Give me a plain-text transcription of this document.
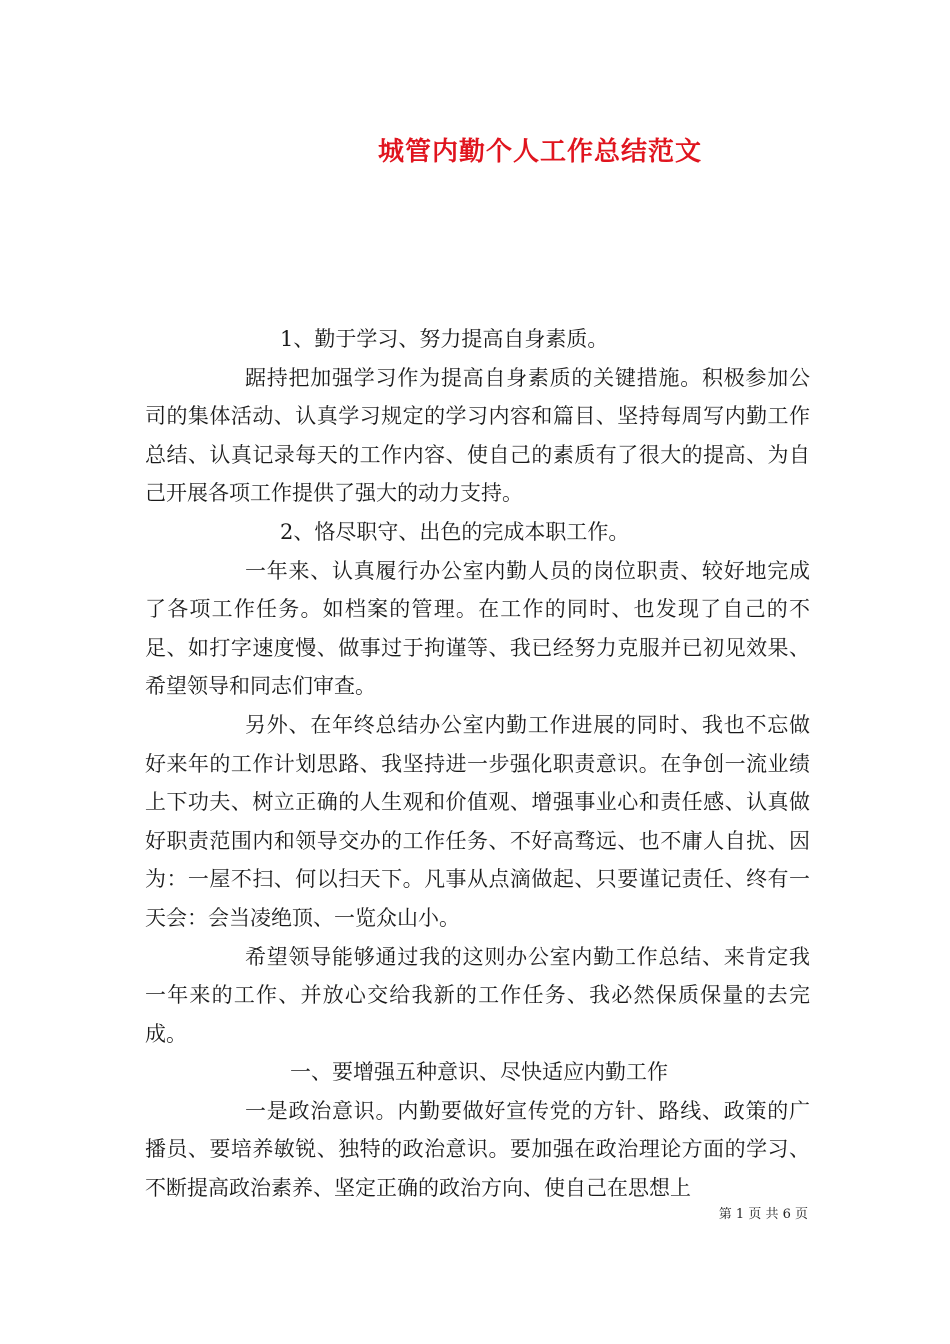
城管内勤个人工作总结范文

1、勤于学习、努力提高自身素质。

踞持把加强学习作为提高自身素质的关键措施。积极参加公司的集体活动、认真学习规定的学习内容和篇目、坚持每周写内勤工作总结、认真记录每天的工作内容、使自己的素质有了很大的提高、为自己开展各项工作提供了强大的动力支持。

2、恪尽职守、出色的完成本职工作。

一年来、认真履行办公室内勤人员的岗位职责、较好地完成了各项工作任务。如档案的管理。在工作的同时、也发现了自己的不足、如打字速度慢、做事过于拘谨等、我已经努力克服并已初见效果、希望领导和同志们审查。

另外、在年终总结办公室内勤工作进展的同时、我也不忘做好来年的工作计划思路、我坚持进一步强化职责意识。在争创一流业绩上下功夫、树立正确的人生观和价值观、增强事业心和责任感、认真做好职责范围内和领导交办的工作任务、不好高骛远、也不庸人自扰、因为：一屋不扫、何以扫天下。凡事从点滴做起、只要谨记责任、终有一天会：会当凌绝顶、一览众山小。

希望领导能够通过我的这则办公室内勤工作总结、来肯定我一年来的工作、并放心交给我新的工作任务、我必然保质保量的去完成。

一、要增强五种意识、尽快适应内勤工作

一是政治意识。内勤要做好宣传党的方针、路线、政策的广播员、要培养敏锐、独特的政治意识。要加强在政治理论方面的学习、不断提高政治素养、坚定正确的政治方向、使自己在思想上

第 1 页 共 6 页
